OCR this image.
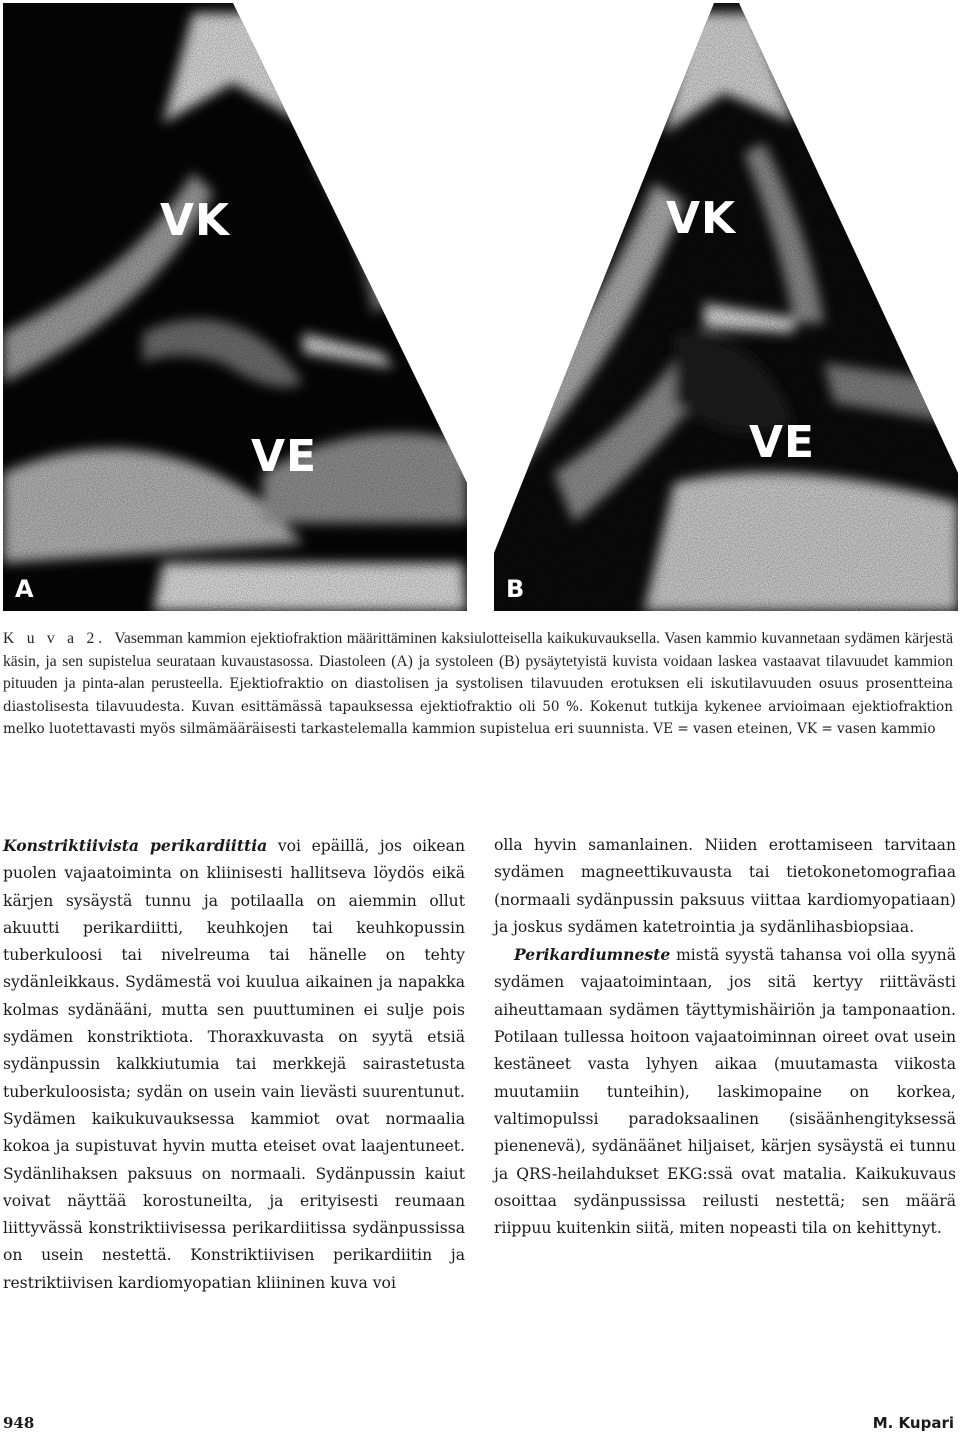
VK
VE
A
VK
VE
B
K u v a 2. Vasemman kammion ejektiofraktion määrittäminen kaksiulotteisella kaikukuvauksella. Vasen kammio kuvannetaan sydämen kärjestä käsin, ja sen supistelua seurataan kuvaustasossa. Diastoleen (A) ja systoleen (B) pysäytetyistä kuvista voidaan laskea vastaavat tilavuudet kammion pituuden ja pinta-alan perusteella. Ejektiofraktio on diastolisen ja systolisen tilavuuden erotuksen eli iskutilavuuden osuus prosentteina diastolisesta tilavuudesta. Kuvan esittämässä tapauksessa ejektiofraktio oli 50 %. Kokenut tutkija kykenee arvioimaan ejektiofraktion melko luotettavasti myös silmämääräisesti tarkastelemalla kammion supistelua eri suunnista. VE = vasen eteinen, VK = vasen kammio

Konstriktiivista perikardiittia voi epäillä, jos oikean puolen vajaatoiminta on kliinisesti hallitseva löydös eikä kärjen sysäystä tunnu ja potilaalla on aiemmin ollut akuutti perikardiitti, keuhkojen tai keuhkopussin tuberkuloosi tai nivelreuma tai hänelle on tehty sydänleikkaus. Sydämestä voi kuulua aikainen ja napakka kolmas sydänääni, mutta sen puuttuminen ei sulje pois sydämen konstriktiota. Thoraxkuvasta on syytä etsiä sydänpussin kalkkiutumia tai merkkejä sairastetusta tuberkuloosista; sydän on usein vain lievästi suurentunut. Sydämen kaikukuvauksessa kammiot ovat normaalia kokoa ja supistuvat hyvin mutta eteiset ovat laajentuneet. Sydänlihaksen paksuus on normaali. Sydänpussin kaiut voivat näyttää korostuneilta, ja erityisesti reumaan liittyvässä konstriktiivisessa perikardiitissa sydänpussissa on usein nestettä. Konstriktiivisen perikardiitin ja restriktiivisen kardiomyopatian kliininen kuva voi

olla hyvin samanlainen. Niiden erottamiseen tarvitaan sydämen magneettikuvausta tai tietokonetomografiaa (normaali sydänpussin paksuus viittaa kardiomyopatiaan) ja joskus sydämen katetrointia ja sydänlihasbiopsiaa.

Perikardiumneste mistä syystä tahansa voi olla syynä sydämen vajaatoimintaan, jos sitä kertyy riittävästi aiheuttamaan sydämen täyttymishäiriön ja tamponaation. Potilaan tullessa hoitoon vajaatoiminnan oireet ovat usein kestäneet vasta lyhyen aikaa (muutamasta viikosta muutamiin tunteihin), laskimopaine on korkea, valtimopulssi paradoksaalinen (sisäänhengityksessä pienenevä), sydänäänet hiljaiset, kärjen sysäystä ei tunnu ja QRS-heilahdukset EKG:ssä ovat matalia. Kaikukuvaus osoittaa sydänpussissa reilusti nestettä; sen määrä riippuu kuitenkin siitä, miten nopeasti tila on kehittynyt.

948	M. Kupari
